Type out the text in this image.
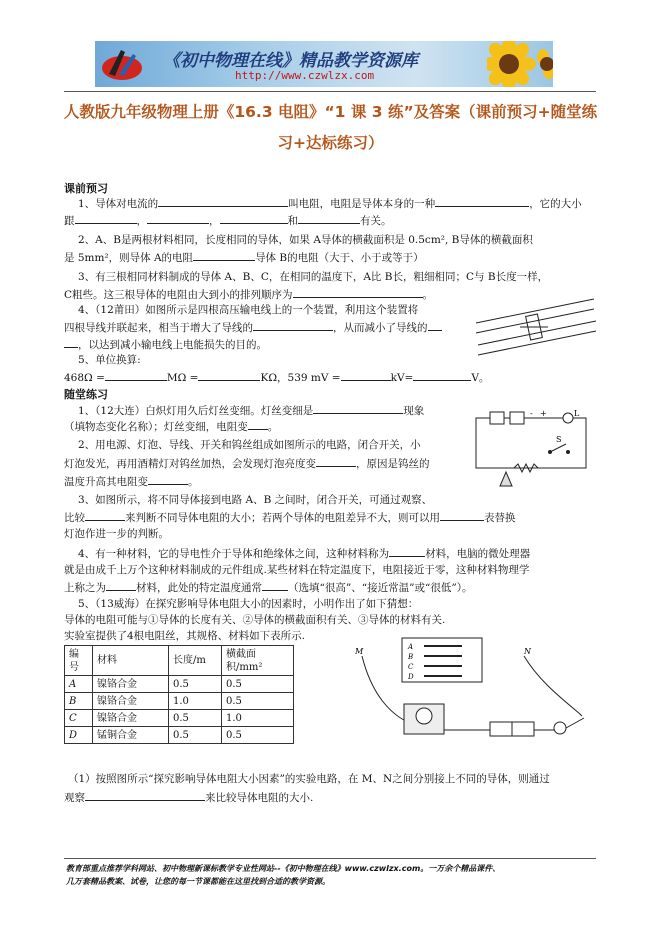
《初中物理在线》精品教学资源库
http://www.czwlzx.com
人教版九年级物理上册《16.3 电阻》“1 课 3 练”及答案（课前预习+随堂练
习+达标练习）
课前预习
1、导体对电流的	叫电阻，电阻是导体本身的一种	，它的大小
跟	，	，	和	有关。
2、A、B是两根材料相同，长度相同的导体，如果 A导体的横截面积是 0.5cm², B导体的横截面积
是 5mm²，则导体 A的电阻	导体 B的电阻（大于、小于或等于）
3、有三根相同材料制成的导体 A、B、C，在相同的温度下，A比 B长，粗细相同；C与 B长度一样，
C粗些。这三根导体的电阻由大到小的排列顺序为	。
4、（12莆田）如图所示是四根高压输电线上的一个装置，利用这个装置将
四根导线并联起来，相当于增大了导线的	，从而减小了导线的
，以达到减小输电线上电能损失的目的。
5、单位换算:
468Ω =	MΩ =	KΩ，539 mV =	kV=	V。
随堂练习
1、（12大连）白炽灯用久后灯丝变细。灯丝变细是	现象
（填物态变化名称）；灯丝变细，电阻变 。
2、用电源、灯泡、导线、开关和钨丝组成如图所示的电路，闭合开关，小
灯泡发光，再用酒精灯对钨丝加热，会发现灯泡亮度变	，原因是钨丝的
温度升高其电阻变	。
+
-	L
S
3、如图所示，将不同导体接到电路 A、B 之间时，闭合开关，可通过观察、
比较	来判断不同导体电阻的大小；若两个导体的电阻差异不大，则可以用	表替换
灯泡作进一步的判断。
4、有一种材料，它的导电性介于导体和绝缘体之间，这种材料称为	材料，电脑的微处理器
就是由成千上万个这种材料制成的元件组成.某些材料在特定温度下，电阻接近于零，这种材料物理学
上称之为	材料，此处的特定温度通常 （选填“很高”、“接近常温”或“很低”）。
5、（13威海）在探究影响导体电阻大小的因素时，小明作出了如下猜想：
导体的电阻可能与①导体的长度有关、②导体的横截面积有关、③导体的材料有关.
实验室提供了4根电阻丝，其规格、材料如下表所示.
编号	材料	长度/m	横截面积/mm²
A	镍铬合金	0.5	0.5
B	镍铬合金	1.0	0.5
C	镍铬合金	0.5	1.0
D	锰铜合金	0.5	0.5
M	N
A
B
C
D
（1）按照图所示“探究影响导体电阻大小因素”的实验电路，在 M、N之间分别接上不同的导体，则通过
观察	来比较导体电阻的大小.
教育部重点推荐学科网站、初中物理新课标教学专业性网站--《初中物理在线》www.czwlzx.com。一万余个精品课件、
几万套精品教案、试卷，让您的每一节课都能在这里找到合适的教学资源。
